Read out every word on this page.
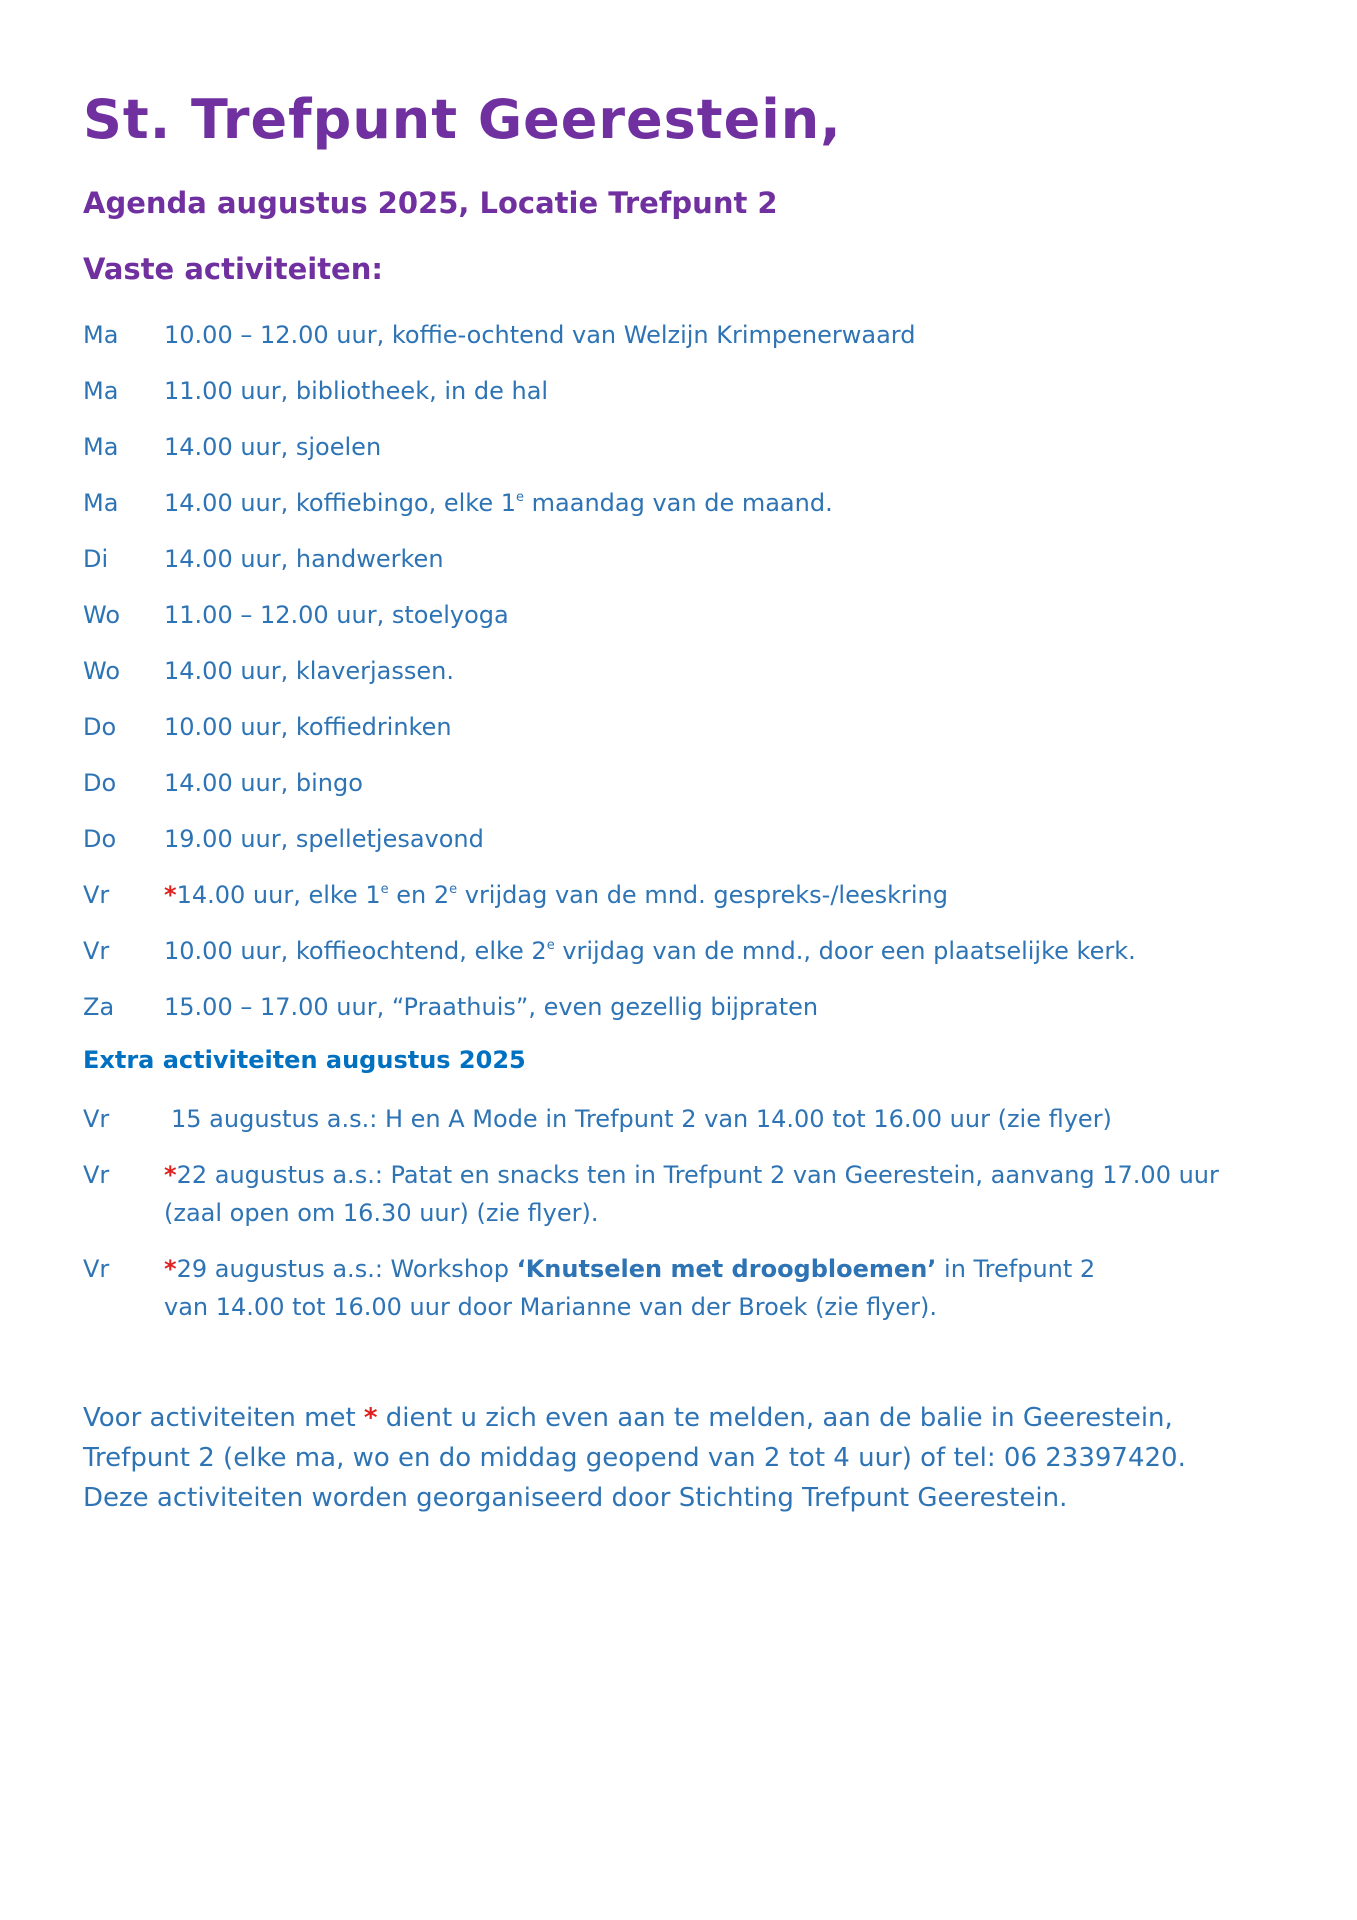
St. Trefpunt Geerestein,
Agenda augustus 2025, Locatie Trefpunt 2
Vaste activiteiten:
Ma	10.00 – 12.00 uur, koffie-ochtend van Welzijn Krimpenerwaard
Ma	11.00 uur, bibliotheek, in de hal
Ma	14.00 uur, sjoelen
Ma	14.00 uur, koffiebingo, elke 1e maandag van de maand.
Di	14.00 uur, handwerken
Wo	11.00 – 12.00 uur, stoelyoga
Wo	14.00 uur, klaverjassen.
Do	10.00 uur, koffiedrinken
Do	14.00 uur, bingo
Do	19.00 uur, spelletjesavond
Vr	*14.00 uur, elke 1e en 2e vrijdag van de mnd. gespreks-/leeskring
Vr	10.00 uur, koffieochtend, elke 2e vrijdag van de mnd., door een plaatselijke kerk.
Za	15.00 – 17.00 uur, “Praathuis”, even gezellig bijpraten
Extra activiteiten augustus 2025
Vr	15 augustus a.s.: H en A Mode in Trefpunt 2 van 14.00 tot 16.00 uur (zie flyer)
Vr	*22 augustus a.s.: Patat en snacks ten in Trefpunt 2 van Geerestein, aanvang 17.00 uur
(zaal open om 16.30 uur) (zie flyer).
Vr	*29 augustus a.s.: Workshop ‘Knutselen met droogbloemen’ in Trefpunt 2
van 14.00 tot 16.00 uur door Marianne van der Broek (zie flyer).
Voor activiteiten met * dient u zich even aan te melden, aan de balie in Geerestein,
Trefpunt 2 (elke ma, wo en do middag geopend van 2 tot 4 uur) of tel: 06 23397420.
Deze activiteiten worden georganiseerd door Stichting Trefpunt Geerestein.
